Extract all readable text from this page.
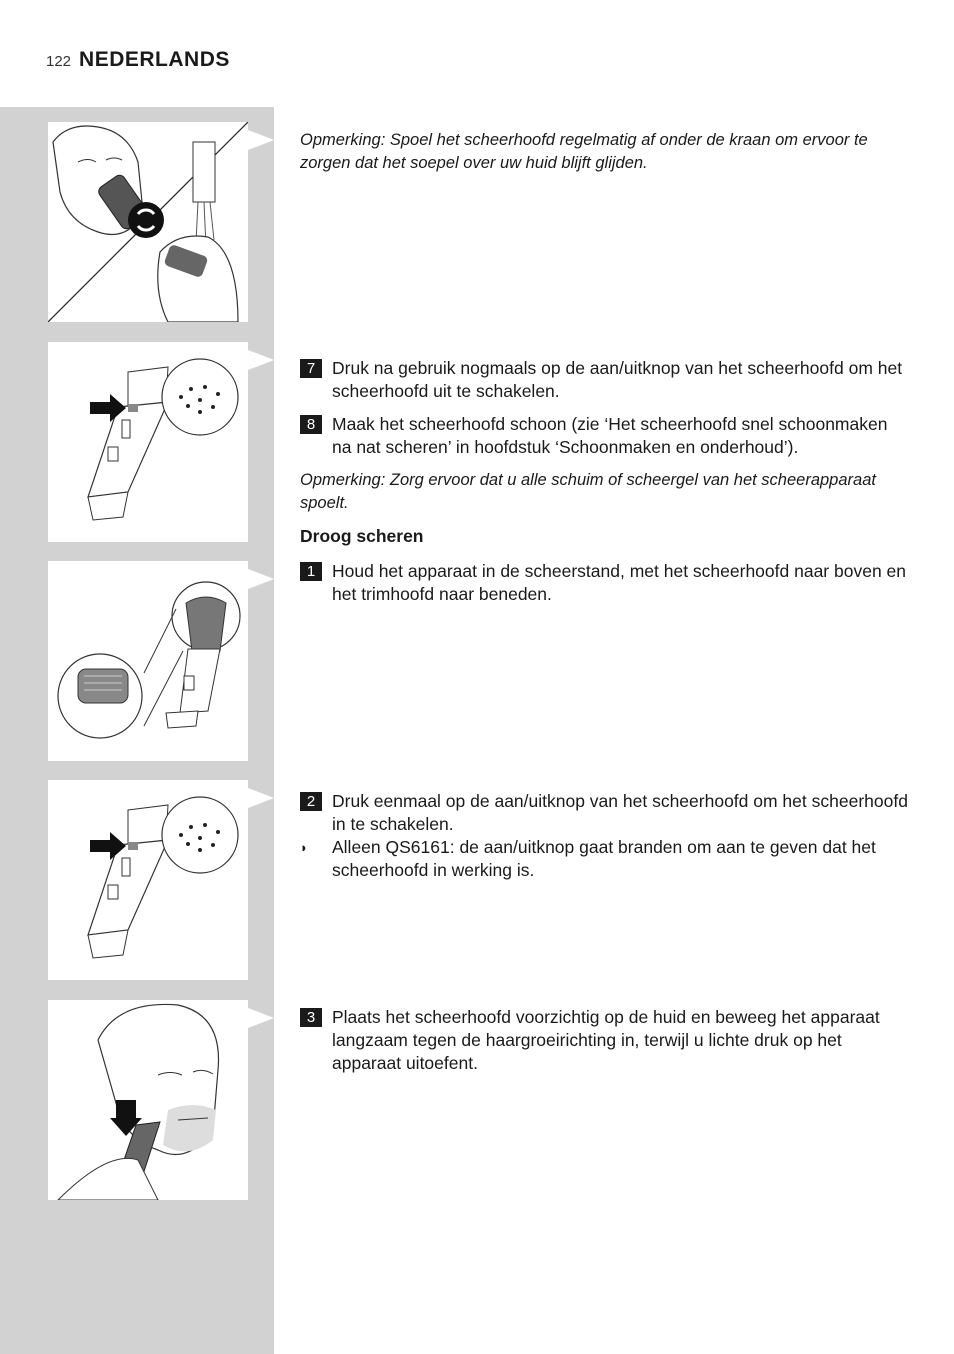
122 NEDERLANDS

Opmerking: Spoel het scheerhoofd regelmatig af onder de kraan om ervoor te zorgen dat het soepel over uw huid blijft glijden.

7 Druk na gebruik nogmaals op de aan/uitknop van het scheerhoofd om het scheerhoofd uit te schakelen.
8 Maak het scheerhoofd schoon (zie ‘Het scheerhoofd snel schoonmaken na nat scheren’ in hoofdstuk ‘Schoonmaken en onderhoud’).

Opmerking: Zorg ervoor dat u alle schuim of scheergel van het scheerapparaat spoelt.

Droog scheren
1 Houd het apparaat in de scheerstand, met het scheerhoofd naar boven en het trimhoofd naar beneden.
2 Druk eenmaal op de aan/uitknop van het scheerhoofd om het scheerhoofd in te schakelen.
◗	Alleen QS6161: de aan/uitknop gaat branden om aan te geven dat het scheerhoofd in werking is.
3 Plaats het scheerhoofd voorzichtig op de huid en beweeg het apparaat langzaam tegen de haargroeirichting in, terwijl u lichte druk op het apparaat uitoefent.
